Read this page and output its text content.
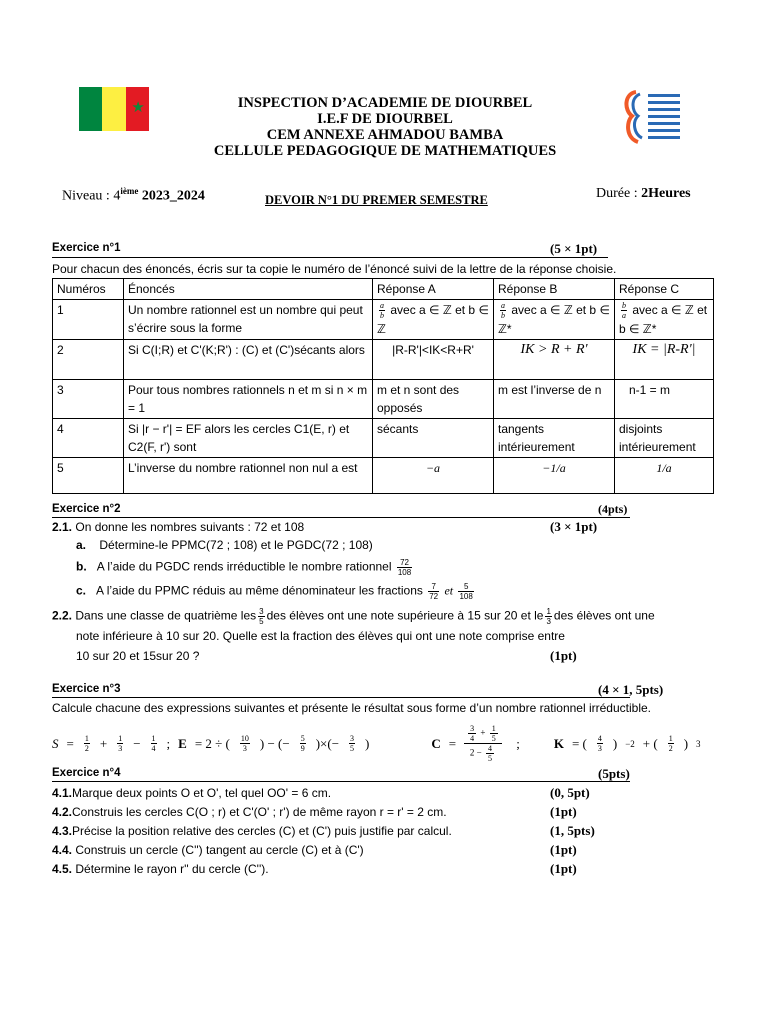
★	INSPECTION D’ACADEMIE DE DIOURBEL
I.E.F DE DIOURBEL
CEM ANNEXE AHMADOU BAMBA
CELLULE PEDAGOGIQUE DE MATHEMATIQUES
Niveau : 4ième 2023_2024	DEVOIR N°1 DU PREMER SEMESTRE	Durée : 2Heures
Exercice n°1	(5 × 1pt)
Pour chacun des énoncés, écris sur ta copie le numéro de l’énoncé suivi de la lettre de la réponse choisie.
Numéros	Énoncés	Réponse A	Réponse B	Réponse C
1	Un nombre rationnel est un nombre qui peut s’écrire sous la forme	$\frac{a}{b}$ avec a ∈ ℤ et b ∈ ℤ	$\frac{a}{b}$ avec a ∈ ℤ et b ∈ ℤ*	$\frac{b}{a}$ avec a ∈ ℤ et b ∈ ℤ*
2	Si C(I;R) et C'(K;R') : (C) et (C')sécants alors	|R-R'|<IK<R+R'	IK > R + R'	IK = |R-R'|
3	Pour tous nombres rationnels n et m si n × m = 1	m et n sont des opposés	m est l’inverse de n	n-1 = m
4	Si |r − r'| = EF alors les cercles C1(E, r) et C2(F, r') sont	sécants	tangents intérieurement	disjoints intérieurement
5	L’inverse du nombre rationnel non nul a est	−a	−1/a	1/a
Exercice n°2	(4pts)
2.1. On donne les nombres suivants : 72 et 108	(3 × 1pt)
a. Détermine-le PPMC(72 ; 108) et le PGDC(72 ; 108)
b. A l’aide du PGDC rends irréductible le nombre rationnel $\frac{72}{108}$
c. A l’aide du PPMC réduis au même dénominateur les fractions $\frac{7}{72}$ et $\frac{5}{108}$
2.2. Dans une classe de quatrième les $\frac{3}{5}$ des élèves ont une note supérieure à 15 sur 20 et le $\frac{1}{3}$ des élèves ont une
note inférieure à 10 sur 20. Quelle est la fraction des élèves qui ont une note comprise entre
10 sur 20 et 15sur 20 ?	(1pt)
Exercice n°3	(4 × 1, 5pts)
Calcule chacune des expressions suivantes et présente le résultat sous forme d’un nombre rationnel irréductible.
$S = \frac{1}{2} + \frac{1}{3} - \frac{1}{4}$ ; E = 2 ÷ ( $\frac{10}{3}$ ) − (− $\frac{5}{9}$ )×(− $\frac{3}{5}$ )	$C = \frac{3}{4} + \frac{1}{5}$
$2 - \frac{4}{5}$
;	K = ( $\frac{4}{3}$ ) −2 + ( $\frac{1}{2}$ ) 3
Exercice n°4	(5pts)
4.1.Marque deux points O et O', tel quel OO' = 6 cm.	(0, 5pt)
4.2.Construis les cercles C(O ; r) et C'(O' ; r') de même rayon r = r' = 2 cm.	(1pt)
4.3.Précise la position relative des cercles (C) et (C') puis justifie par calcul.	(1, 5pts)
4.4. Construis un cercle (C'') tangent au cercle (C) et à (C')	(1pt)
4.5. Détermine le rayon r'' du cercle (C'').	(1pt)
